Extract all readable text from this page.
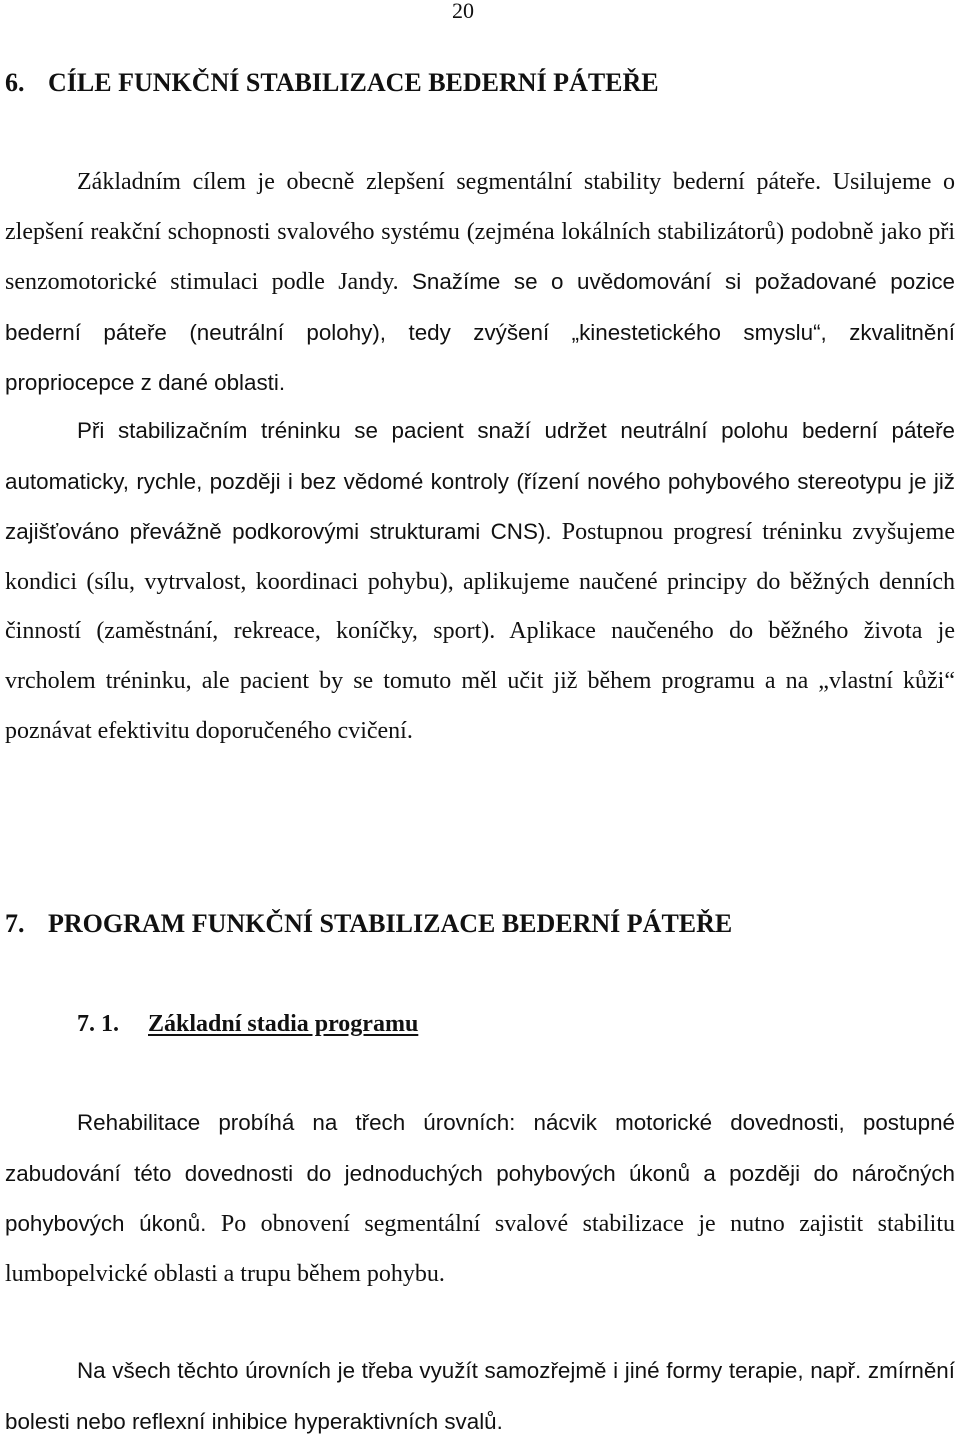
20
6. CÍLE FUNKČNÍ STABILIZACE BEDERNÍ PÁTEŘE

Základním cílem je obecně zlepšení segmentální stability bederní páteře. Usilujeme o zlepšení reakční schopnosti svalového systému (zejména lokálních stabilizátorů) podobně jako při senzomotorické stimulaci podle Jandy. Snažíme se o uvědomování si požadované pozice bederní páteře (neutrální polohy), tedy zvýšení „kinestetického smyslu“, zkvalitnění propriocepce z dané oblasti.

Při stabilizačním tréninku se pacient snaží udržet neutrální polohu bederní páteře automaticky, rychle, později i bez vědomé kontroly (řízení nového pohybového stereotypu je již zajišťováno převážně podkorovými strukturami CNS). Postupnou progresí tréninku zvyšujeme kondici (sílu, vytrvalost, koordinaci pohybu), aplikujeme naučené principy do běžných denních činností (zaměstnání, rekreace, koníčky, sport). Aplikace naučeného do běžného života je vrcholem tréninku, ale pacient by se tomuto měl učit již během programu a na „vlastní kůži“ poznávat efektivitu doporučeného cvičení.

7. PROGRAM FUNKČNÍ STABILIZACE BEDERNÍ PÁTEŘE
7. 1. Základní stadia programu

Rehabilitace probíhá na třech úrovních: nácvik motorické dovednosti, postupné zabudování této dovednosti do jednoduchých pohybových úkonů a později do náročných pohybových úkonů. Po obnovení segmentální svalové stabilizace je nutno zajistit stabilitu lumbopelvické oblasti a trupu během pohybu.

Na všech těchto úrovních je třeba využít samozřejmě i jiné formy terapie, např. zmírnění bolesti nebo reflexní inhibice hyperaktivních svalů.
